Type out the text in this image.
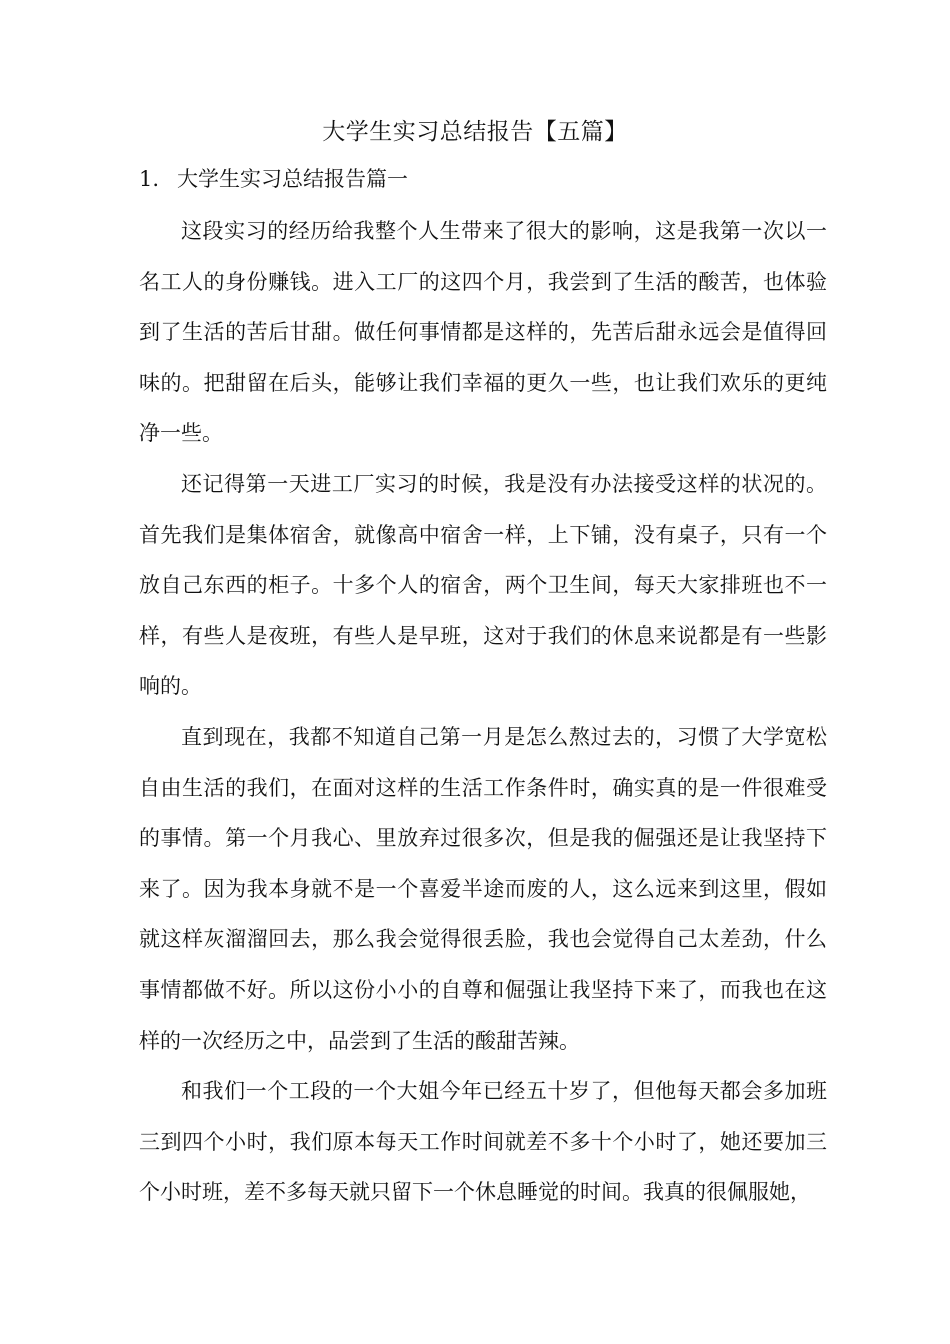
大学生实习总结报告【五篇】
1. 大学生实习总结报告篇一

这段实习的经历给我整个人生带来了很大的影响，这是我第一次以一名工人的身份赚钱。进入工厂的这四个月，我尝到了生活的酸苦，也体验到了生活的苦后甘甜。做任何事情都是这样的，先苦后甜永远会是值得回味的。把甜留在后头，能够让我们幸福的更久一些，也让我们欢乐的更纯净一些。

还记得第一天进工厂实习的时候，我是没有办法接受这样的状况的。首先我们是集体宿舍，就像高中宿舍一样，上下铺，没有桌子，只有一个放自己东西的柜子。十多个人的宿舍，两个卫生间，每天大家排班也不一样，有些人是夜班，有些人是早班，这对于我们的休息来说都是有一些影响的。

直到现在，我都不知道自己第一月是怎么熬过去的，习惯了大学宽松自由生活的我们，在面对这样的生活工作条件时，确实真的是一件很难受的事情。第一个月我心、里放弃过很多次，但是我的倔强还是让我坚持下来了。因为我本身就不是一个喜爱半途而废的人，这么远来到这里，假如就这样灰溜溜回去，那么我会觉得很丢脸，我也会觉得自己太差劲，什么事情都做不好。所以这份小小的自尊和倔强让我坚持下来了，而我也在这样的一次经历之中，品尝到了生活的酸甜苦辣。

和我们一个工段的一个大姐今年已经五十岁了，但他每天都会多加班三到四个小时，我们原本每天工作时间就差不多十个小时了，她还要加三个小时班，差不多每天就只留下一个休息睡觉的时间。我真的很佩服她，
